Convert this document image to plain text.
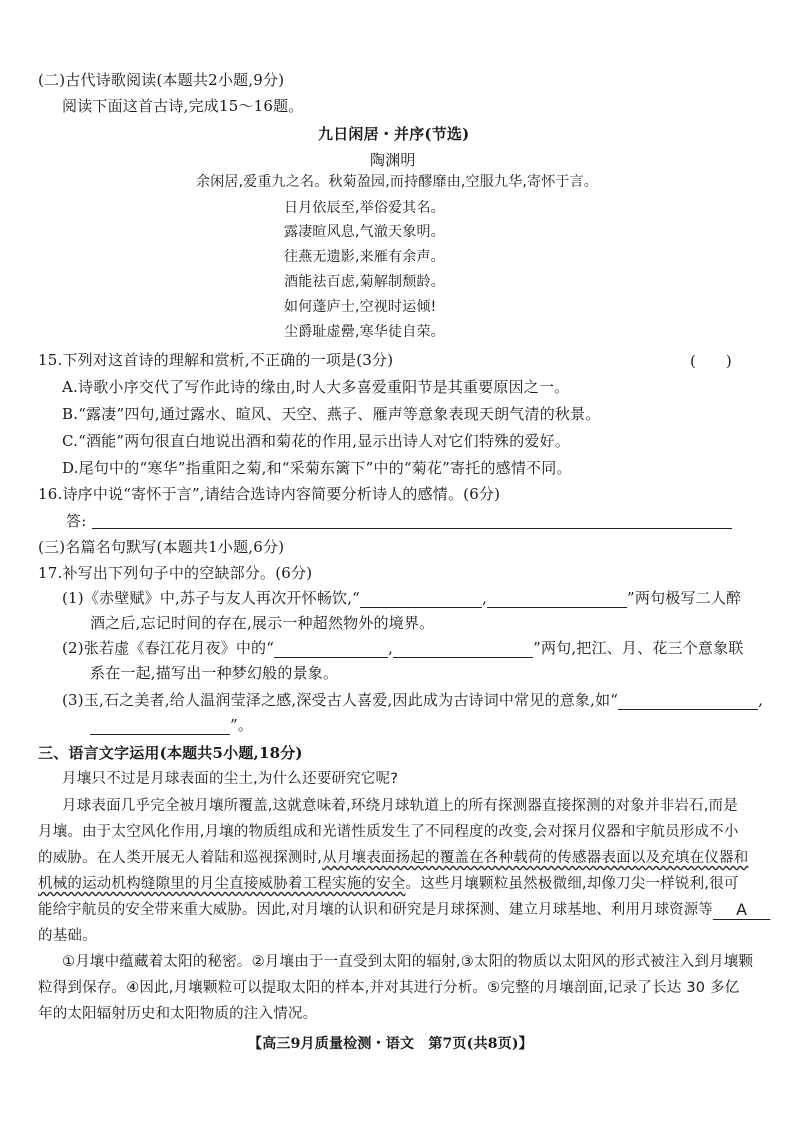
(二)古代诗歌阅读(本题共2小题,9分)
阅读下面这首古诗,完成15～16题。
九日闲居・并序(节选)
陶渊明
余闲居,爱重九之名。秋菊盈园,而持醪靡由,空服九华,寄怀于言。
日月依辰至,举俗爱其名。
露凄暄风息,气澈天象明。
往燕无遗影,来雁有余声。
酒能祛百虑,菊解制颓龄。
如何蓬庐士,空视时运倾!
尘爵耻虚罍,寒华徒自荣。
15.下列对这首诗的理解和赏析,不正确的一项是(3分)	(　　)
A.诗歌小序交代了写作此诗的缘由,时人大多喜爱重阳节是其重要原因之一。
B.“露凄”四句,通过露水、暄风、天空、燕子、雁声等意象表现天朗气清的秋景。
C.“酒能”两句很直白地说出酒和菊花的作用,显示出诗人对它们特殊的爱好。
D.尾句中的“寒华”指重阳之菊,和“采菊东篱下”中的“菊花”寄托的感情不同。
16.诗序中说“寄怀于言”,请结合选诗内容简要分析诗人的感情。(6分)
答:
(三)名篇名句默写(本题共1小题,6分)
17.补写出下列句子中的空缺部分。(6分)
(1)《赤壁赋》中,苏子与友人再次开怀畅饮,“	,	”两句极写二人醉
酒之后,忘记时间的存在,展示一种超然物外的境界。
(2)张若虚《春江花月夜》中的“	,	”两句,把江、月、花三个意象联
系在一起,描写出一种梦幻般的景象。
(3)玉,石之美者,给人温润莹泽之感,深受古人喜爱,因此成为古诗词中常见的意象,如“	,
”。
三、语言文字运用(本题共5小题,18分)
月壤只不过是月球表面的尘土,为什么还要研究它呢?
月球表面几乎完全被月壤所覆盖,这就意味着,环绕月球轨道上的所有探测器直接探测的对象并非岩石,而是
月壤。由于太空风化作用,月壤的物质组成和光谱性质发生了不同程度的改变,会对探月仪器和宇航员形成不小
的威胁。在人类开展无人着陆和巡视探测时,从月壤表面扬起的覆盖在各种载荷的传感器表面以及充填在仪器和
机械的运动机构缝隙里的月尘直接威胁着工程实施的安全。这些月壤颗粒虽然极微细,却像刀尖一样锐利,很可
能给宇航员的安全带来重大威胁。因此,对月壤的认识和研究是月球探测、建立月球基地、利用月球资源等 A
的基础。
①月壤中蕴藏着太阳的秘密。②月壤由于一直受到太阳的辐射,③太阳的物质以太阳风的形式被注入到月壤颗
粒得到保存。④因此,月壤颗粒可以提取太阳的样本,并对其进行分析。⑤完整的月壤剖面,记录了长达 30 多亿
年的太阳辐射历史和太阳物质的注入情况。
【高三9月质量检测・语文　第7页(共8页)】
